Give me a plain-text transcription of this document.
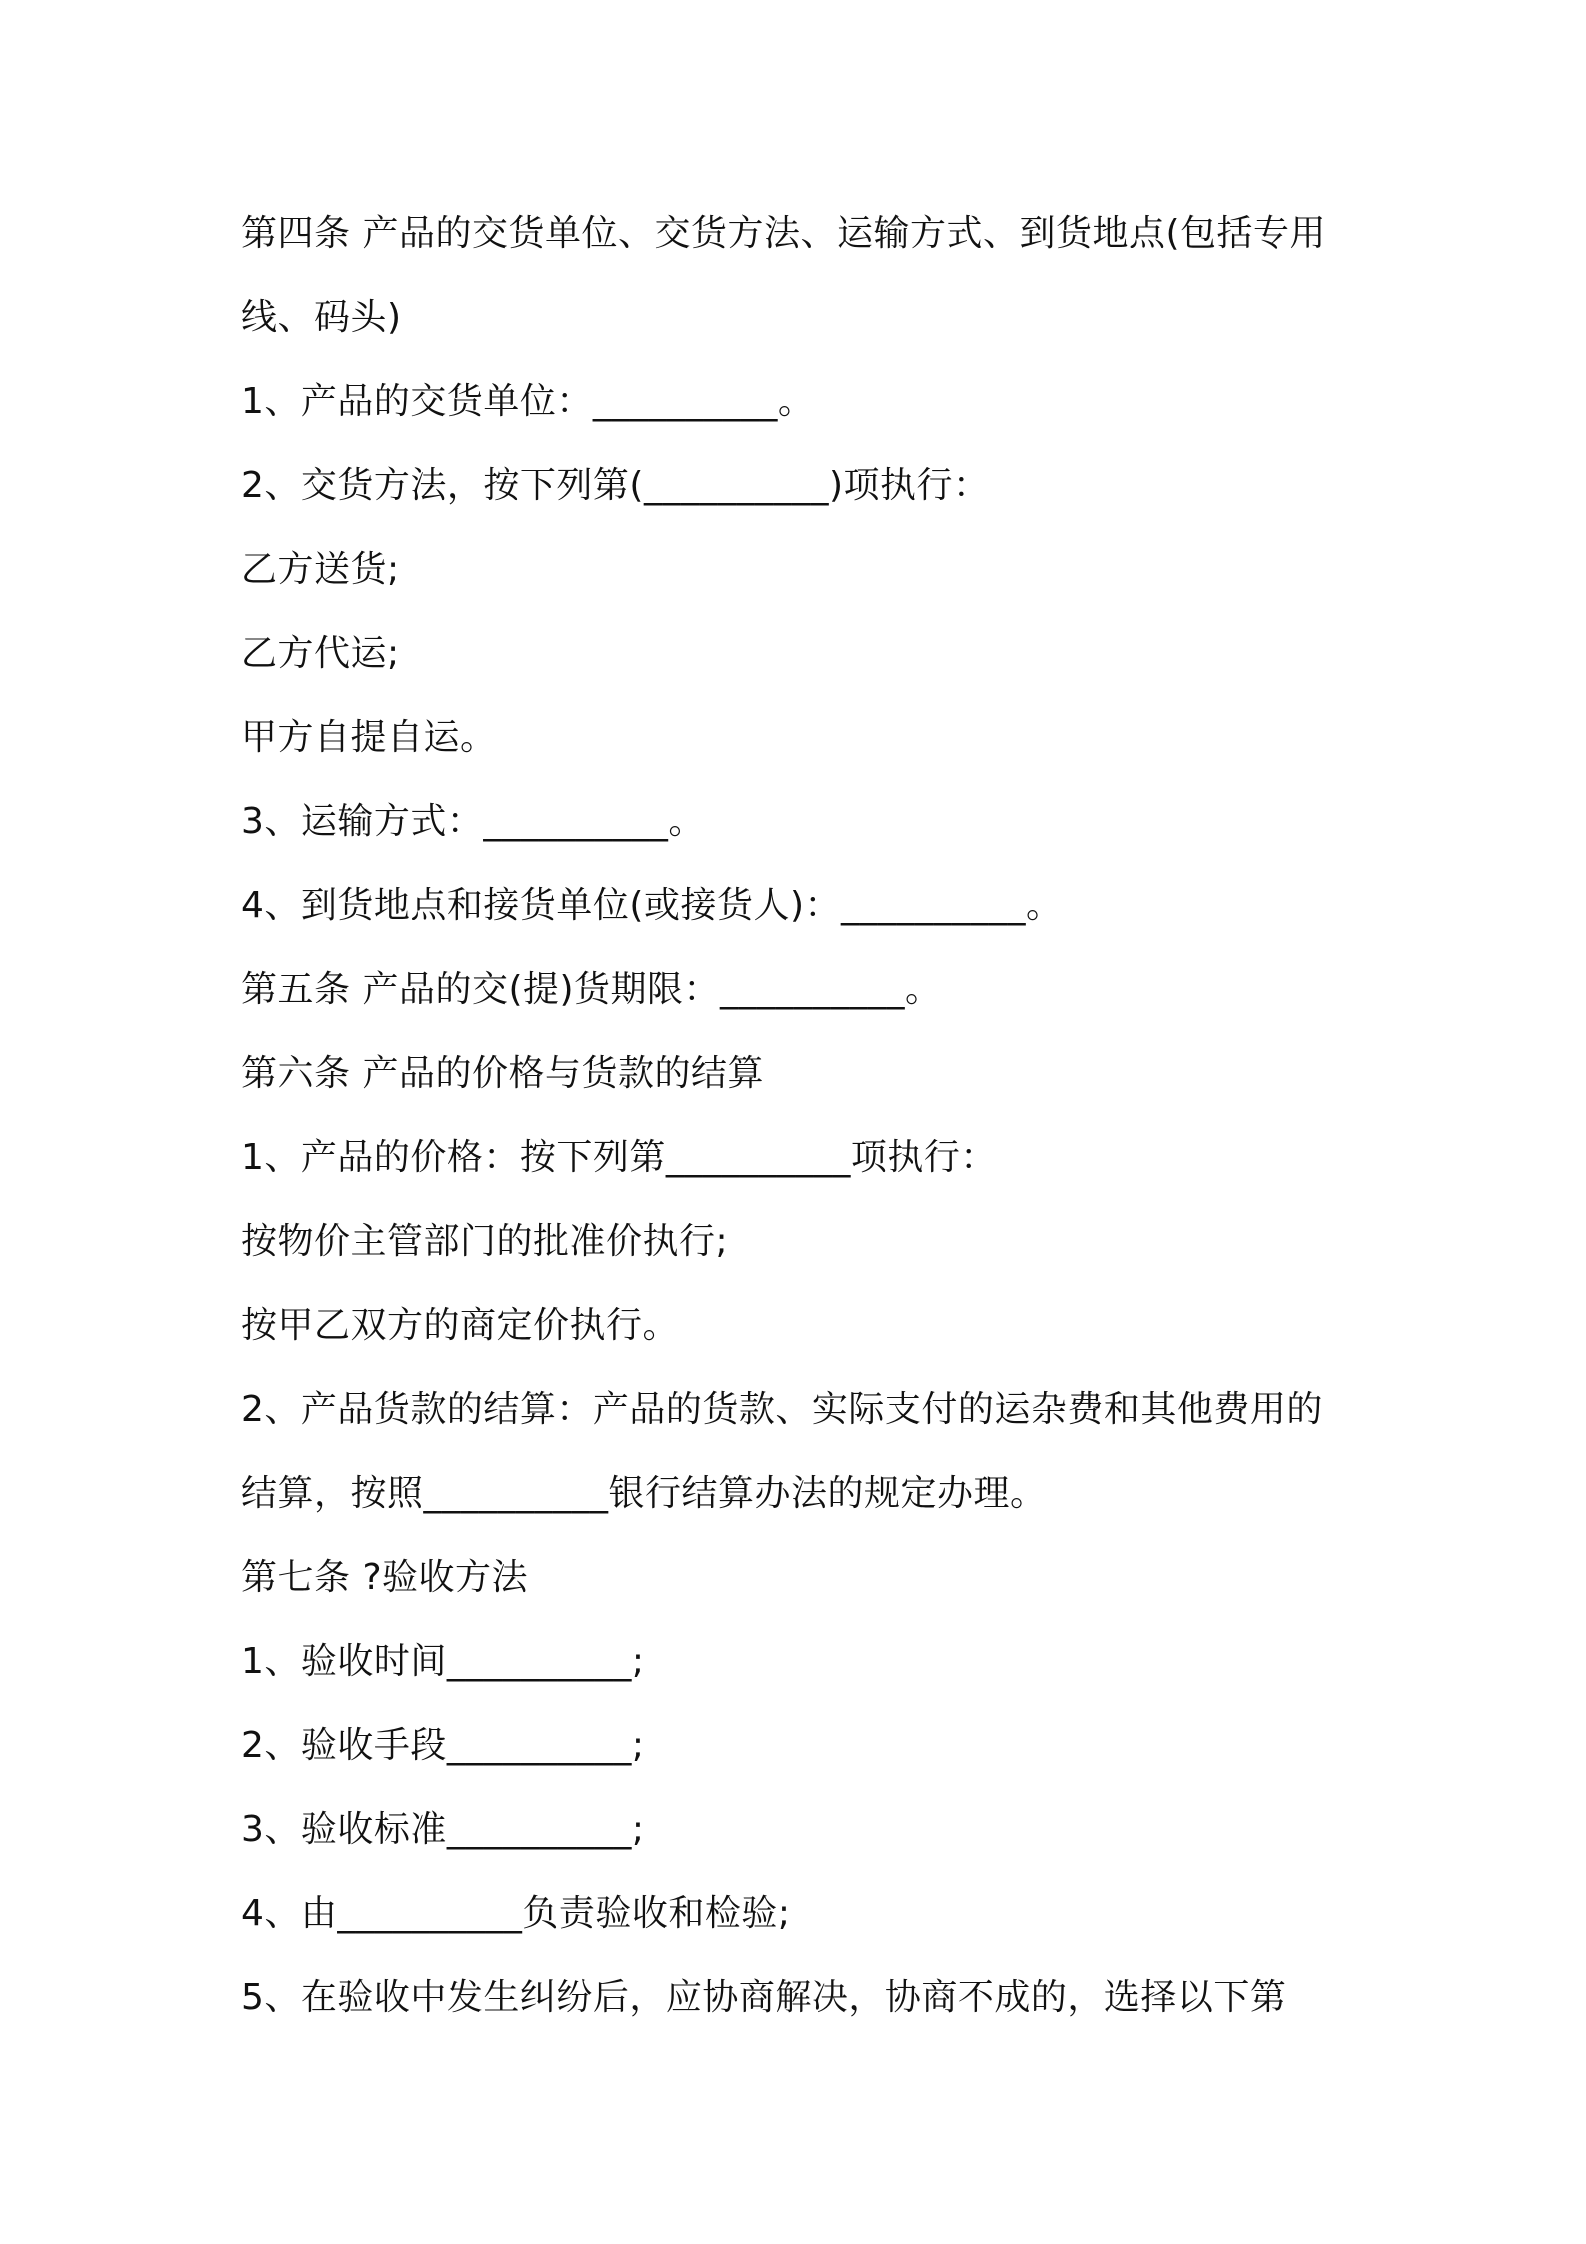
第四条 产品的交货单位、交货方法、运输方式、到货地点(包括专用
线、码头)
1、产品的交货单位：__________。
2、交货方法，按下列第(__________)项执行：
乙方送货;
乙方代运;
甲方自提自运。
3、运输方式：__________。
4、到货地点和接货单位(或接货人)：__________。
第五条 产品的交(提)货期限：__________。
第六条 产品的价格与货款的结算
1、产品的价格：按下列第__________项执行：
按物价主管部门的批准价执行;
按甲乙双方的商定价执行。
2、产品货款的结算：产品的货款、实际支付的运杂费和其他费用的
结算，按照__________银行结算办法的规定办理。
第七条 ?验收方法
1、验收时间__________;
2、验收手段__________;
3、验收标准__________;
4、由__________负责验收和检验;
5、在验收中发生纠纷后，应协商解决，协商不成的，选择以下第
